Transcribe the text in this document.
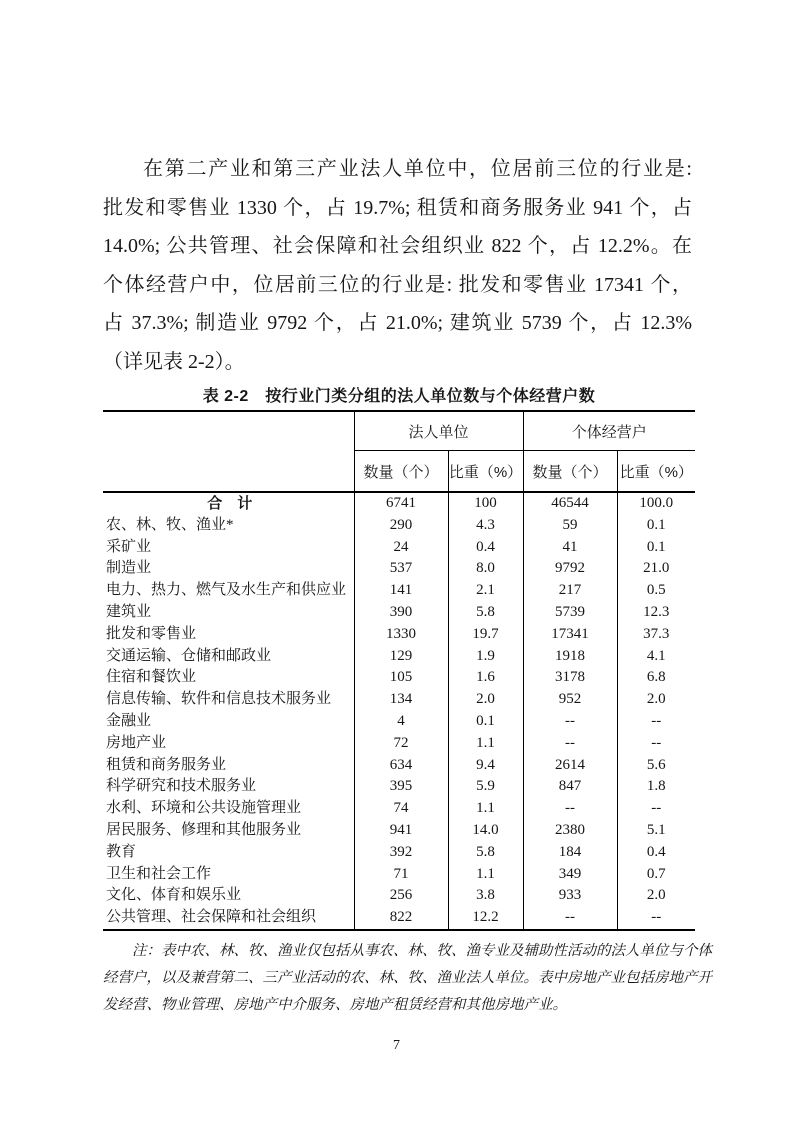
在第二产业和第三产业法人单位中，位居前三位的行业是:
批发和零售业 1330 个，占 19.7%; 租赁和商务服务业 941 个，占
14.0%; 公共管理、社会保障和社会组织业 822 个，占 12.2%。在
个体经营户中，位居前三位的行业是: 批发和零售业 17341 个，
占 37.3%; 制造业 9792 个，占 21.0%; 建筑业 5739 个，占 12.3%
（详见表 2-2）。
表 2-2　按行业门类分组的法人单位数与个体经营户数
	法人单位		个体经营户	
	数量（个）	比重（%）	数量（个）	比重（%）
合　计	6741	100	46544	100.0
农、林、牧、渔业*	290	4.3	59	0.1
采矿业	24	0.4	41	0.1
制造业	537	8.0	9792	21.0
电力、热力、燃气及水生产和供应业	141	2.1	217	0.5
建筑业	390	5.8	5739	12.3
批发和零售业	1330	19.7	17341	37.3
交通运输、仓储和邮政业	129	1.9	1918	4.1
住宿和餐饮业	105	1.6	3178	6.8
信息传输、软件和信息技术服务业	134	2.0	952	2.0
金融业	4	0.1	--	--
房地产业	72	1.1	--	--
租赁和商务服务业	634	9.4	2614	5.6
科学研究和技术服务业	395	5.9	847	1.8
水利、环境和公共设施管理业	74	1.1	--	--
居民服务、修理和其他服务业	941	14.0	2380	5.1
教育	392	5.8	184	0.4
卫生和社会工作	71	1.1	349	0.7
文化、体育和娱乐业	256	3.8	933	2.0
公共管理、社会保障和社会组织	822	12.2	--	--
注：表中农、林、牧、渔业仅包括从事农、林、牧、渔专业及辅助性活动的法人单位与个体
经营户，以及兼营第二、三产业活动的农、林、牧、渔业法人单位。表中房地产业包括房地产开
发经营、物业管理、房地产中介服务、房地产租赁经营和其他房地产业。
7
